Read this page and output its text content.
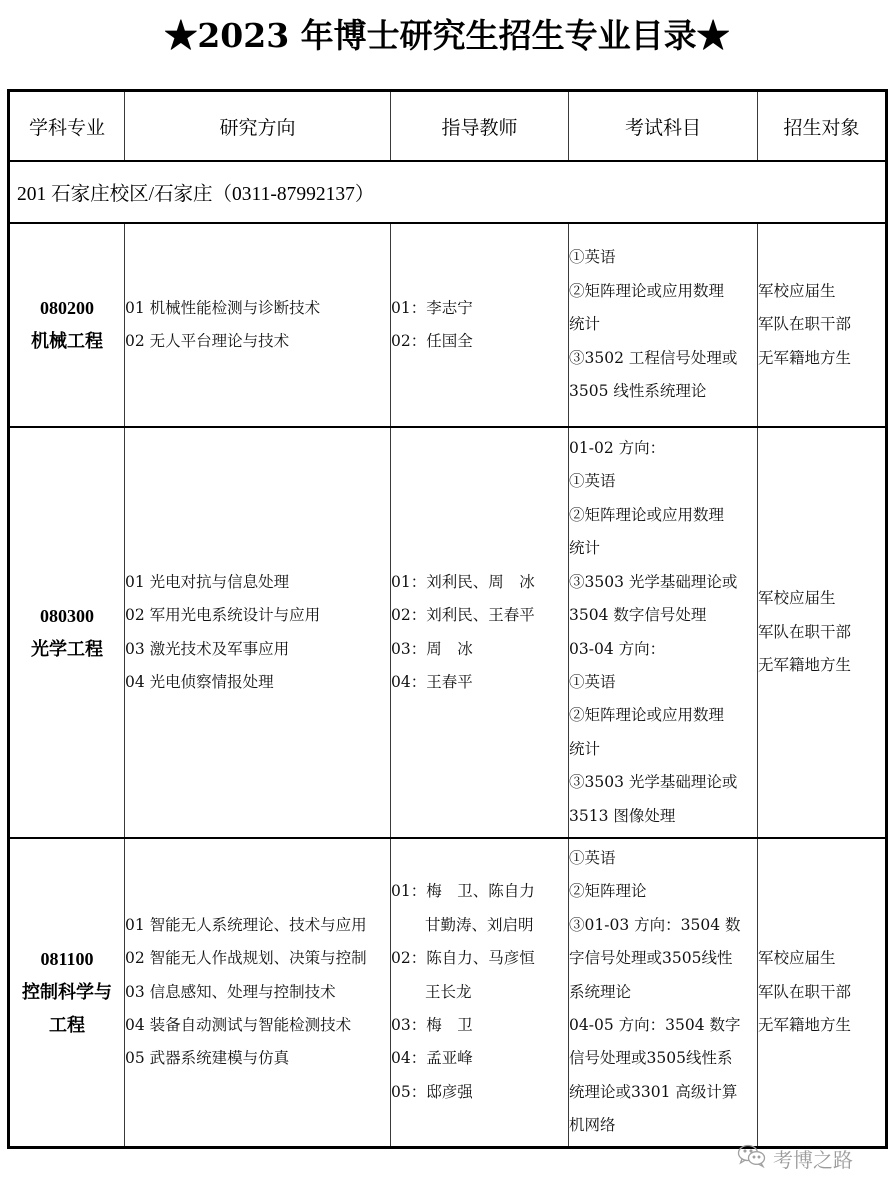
★2023 年博士研究生招生专业目录★
学科专业	研究方向	指导教师	考试科目	招生对象
201 石家庄校区/石家庄（0311-87992137）				

080200
机械工程

01 机械性能检测与诊断技术
02 无人平台理论与技术

01：李志宁
02：任国全

①英语
②矩阵理论或应用数理
统计
③3502 工程信号处理或
3505 线性系统理论

军校应届生
军队在职干部
无军籍地方生

080300
光学工程

01 光电对抗与信息处理
02 军用光电系统设计与应用
03 激光技术及军事应用
04 光电侦察情报处理

01：刘利民、周　冰
02：刘利民、王春平
03：周　冰
04：王春平

01-02 方向：
①英语
②矩阵理论或应用数理
统计
③3503 光学基础理论或
3504 数字信号处理
03-04 方向：
①英语
②矩阵理论或应用数理
统计
③3503 光学基础理论或
3513 图像处理

军校应届生
军队在职干部
无军籍地方生

081100
控制科学与
工程

01 智能无人系统理论、技术与应用
02 智能无人作战规划、决策与控制
03 信息感知、处理与控制技术
04 装备自动测试与智能检测技术
05 武器系统建模与仿真

01：梅　卫、陈自力
甘勤涛、刘启明
02：陈自力、马彦恒
王长龙
03：梅　卫
04：孟亚峰
05：邸彦强

①英语
②矩阵理论
③01-03 方向：3504 数
字信号处理或3505线性
系统理论
04-05 方向：3504 数字
信号处理或3505线性系
统理论或3301 高级计算
机网络

军校应届生
军队在职干部
无军籍地方生
考博之路
